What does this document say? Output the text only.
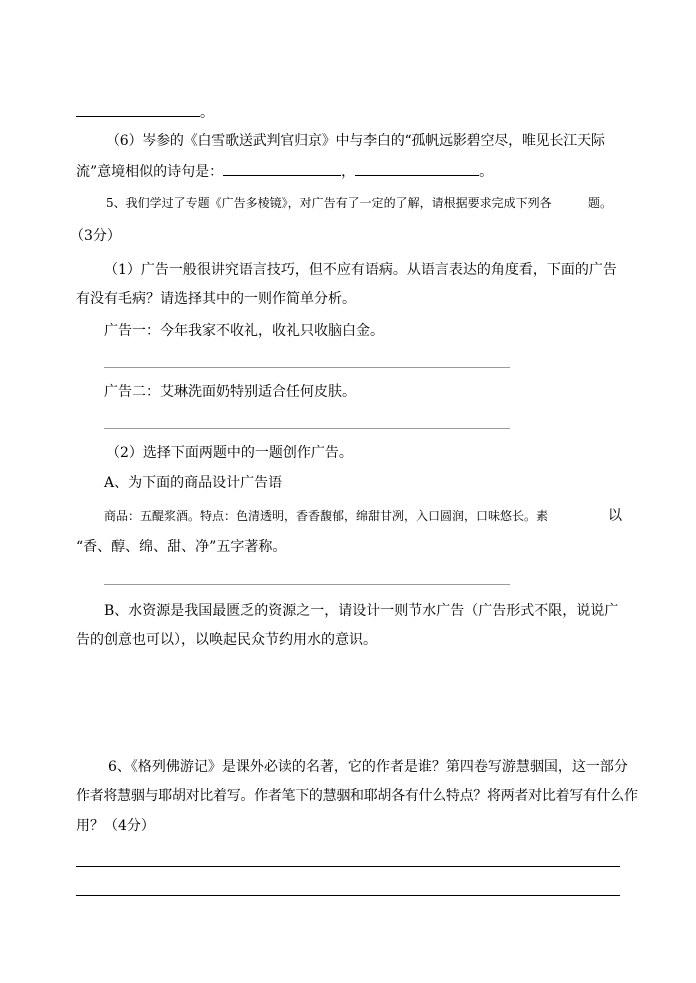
。
（6）岑参的《白雪歌送武判官归京》中与李白的“孤帆远影碧空尽，唯见长江天际
流”意境相似的诗句是：	，	。
5、我们学过了专题《广告多棱镜》，对广告有了一定的了解，请根据要求完成下列各	题。
（3分）
（1）广告一般很讲究语言技巧，但不应有语病。从语言表达的角度看，下面的广告
有没有毛病？请选择其中的一则作简单分析。
广告一：今年我家不收礼，收礼只收脑白金。
广告二：艾琳洗面奶特别适合任何皮肤。
（2）选择下面两题中的一题创作广告。
A、为下面的商品设计广告语
商品：五醍浆酒。特点：色清透明，香香馥郁，绵甜甘冽，入口圆润，口味悠长。素	以
“香、醇、绵、甜、净”五字著称。
B、水资源是我国最匮乏的资源之一，请设计一则节水广告（广告形式不限，说说广
告的创意也可以），以唤起民众节约用水的意识。
6、《格列佛游记》是课外必读的名著，它的作者是谁？第四卷写游慧骃国，这一部分
作者将慧骃与耶胡对比着写。作者笔下的慧骃和耶胡各有什么特点？将两者对比着写有什么作
用？（4分）
